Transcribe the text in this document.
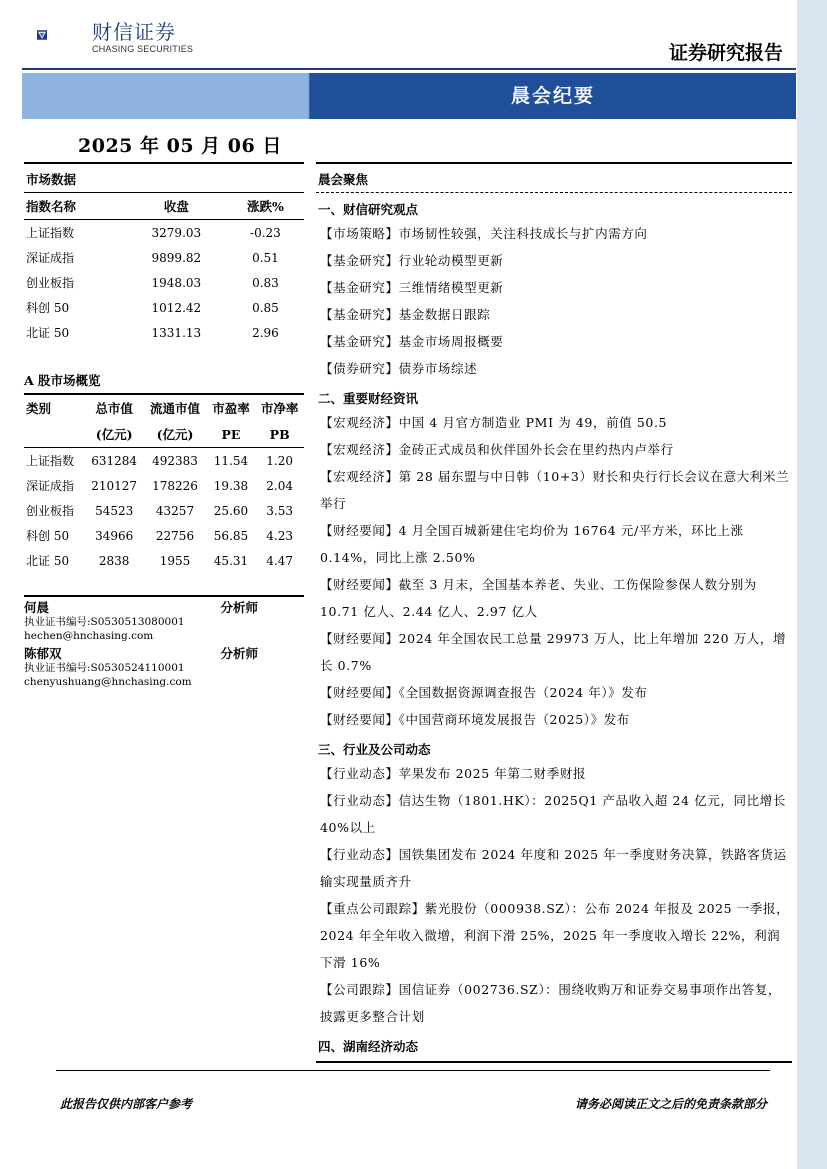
财信证券
CHASING SECURITIES	证券研究报告
晨会纪要
2025 年 05 月 06 日
市场数据
指数名称	收盘	涨跌%
上证指数	3279.03	-0.23
深证成指	9899.82	0.51
创业板指	1948.03	0.83
科创 50	1012.42	0.85
北证 50	1331.13	2.96
A 股市场概览
类别	总市值	流通市值	市盈率	市净率
	(亿元)	(亿元)	PE	PB
上证指数	631284	492383	11.54	1.20
深证成指	210127	178226	19.38	2.04
创业板指	54523	43257	25.60	3.53
科创 50	34966	22756	56.85	4.23
北证 50	2838	1955	45.31	4.47
何晨	分析师
执业证书编号:S0530513080001
hechen@hnchasing.com
陈郁双	分析师
执业证书编号:S0530524110001
chenyushuang@hnchasing.com
晨会聚焦
一、财信研究观点
【市场策略】市场韧性较强，关注科技成长与扩内需方向
【基金研究】行业轮动模型更新
【基金研究】三维情绪模型更新
【基金研究】基金数据日跟踪
【基金研究】基金市场周报概要
【债券研究】债券市场综述
二、重要财经资讯
【宏观经济】中国 4 月官方制造业 PMI 为 49，前值 50.5
【宏观经济】金砖正式成员和伙伴国外长会在里约热内卢举行
【宏观经济】第 28 届东盟与中日韩（10+3）财长和央行行长会议在意大利米兰举行
【财经要闻】4 月全国百城新建住宅均价为 16764 元/平方米，环比上涨 0.14%，同比上涨 2.50%
【财经要闻】截至 3 月末，全国基本养老、失业、工伤保险参保人数分别为 10.71 亿人、2.44 亿人、2.97 亿人
【财经要闻】2024 年全国农民工总量 29973 万人，比上年增加 220 万人，增长 0.7%
【财经要闻】《全国数据资源调查报告（2024 年）》发布
【财经要闻】《中国营商环境发展报告（2025）》发布
三、行业及公司动态
【行业动态】苹果发布 2025 年第二财季财报
【行业动态】信达生物（1801.HK）：2025Q1 产品收入超 24 亿元，同比增长 40%以上
【行业动态】国铁集团发布 2024 年度和 2025 年一季度财务决算，铁路客货运输实现量质齐升
【重点公司跟踪】紫光股份（000938.SZ）：公布 2024 年报及 2025 一季报，2024 年全年收入微增，利润下滑 25%，2025 年一季度收入增长 22%，利润下滑 16%
【公司跟踪】国信证券（002736.SZ）：围绕收购万和证券交易事项作出答复，披露更多整合计划
四、湖南经济动态
此报告仅供内部客户参考	请务必阅读正文之后的免责条款部分
